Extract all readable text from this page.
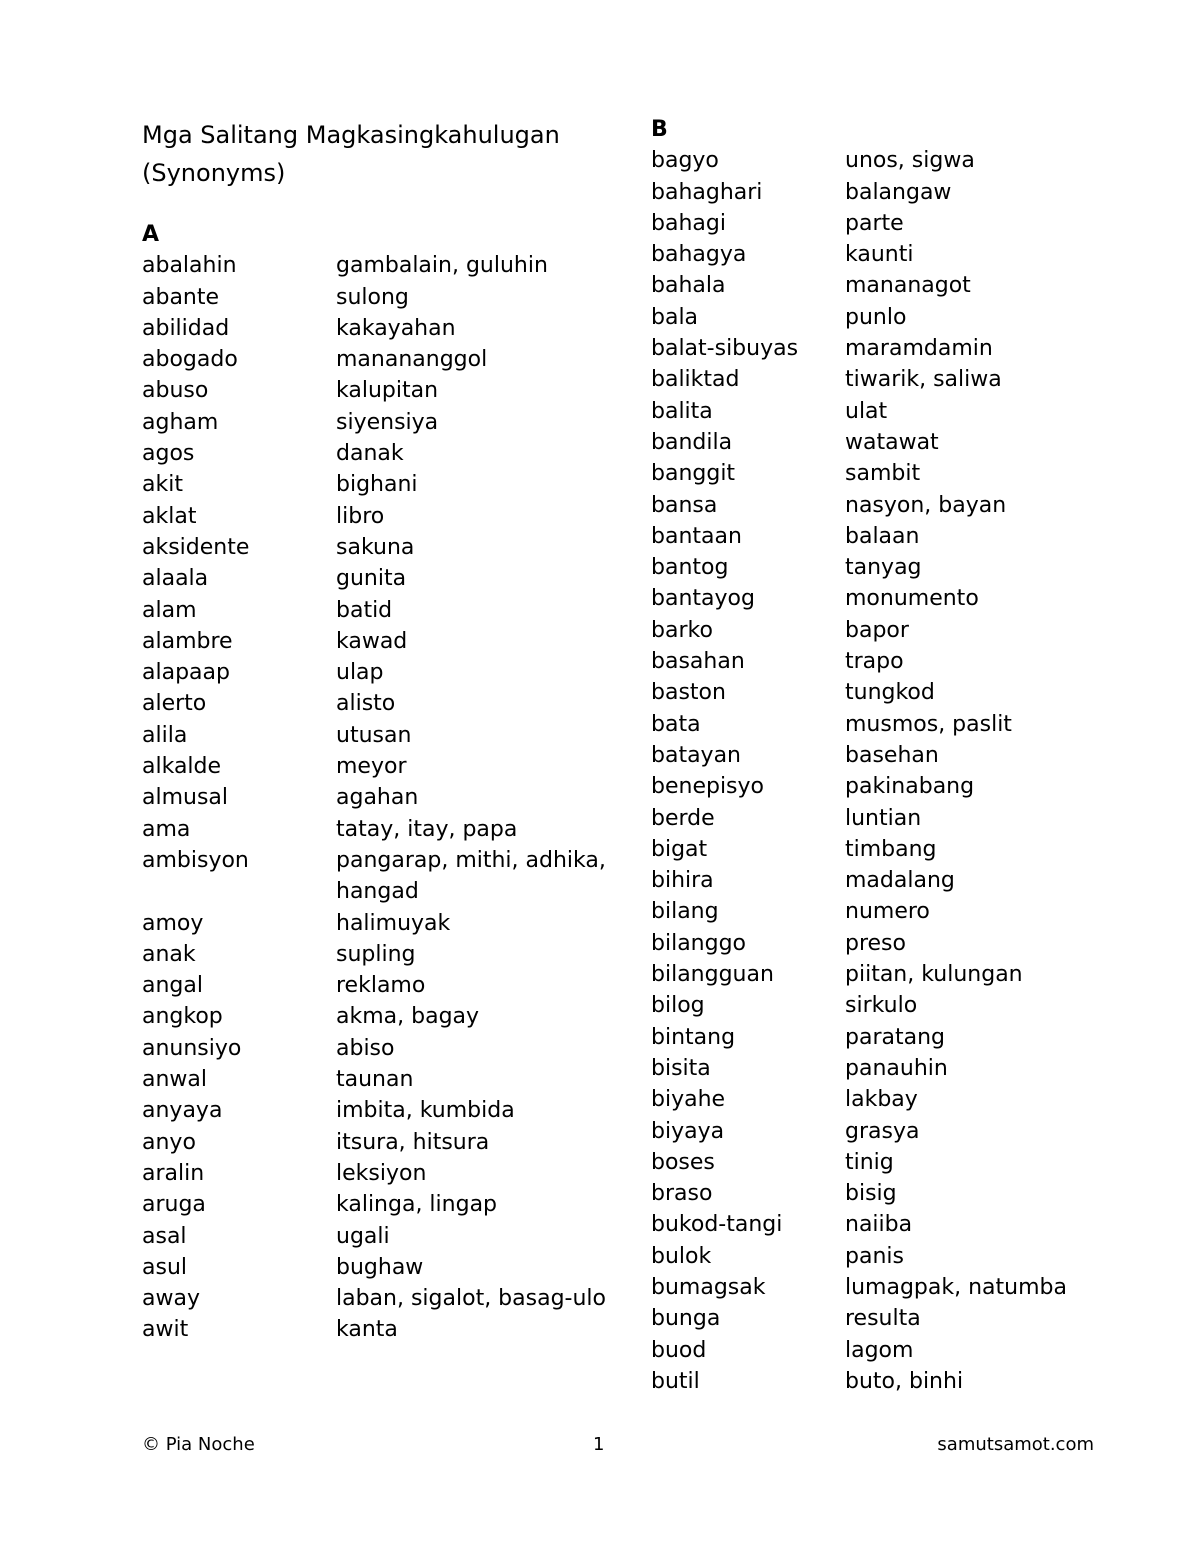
Mga Salitang Magkasingkahulugan (Synonyms)
A
abalahin	gambalain, guluhin
abante	sulong
abilidad	kakayahan
abogado	manananggol
abuso	kalupitan
agham	siyensiya
agos	danak
akit	bighani
aklat	libro
aksidente	sakuna
alaala	gunita
alam	batid
alambre	kawad
alapaap	ulap
alerto	alisto
alila	utusan
alkalde	meyor
almusal	agahan
ama	tatay, itay, papa
ambisyon	pangarap, mithi, adhika, hangad
amoy	halimuyak
anak	supling
angal	reklamo
angkop	akma, bagay
anunsiyo	abiso
anwal	taunan
anyaya	imbita, kumbida
anyo	itsura, hitsura
aralin	leksiyon
aruga	kalinga, lingap
asal	ugali
asul	bughaw
away	laban, sigalot, basag-ulo
awit	kanta
B
bagyo	unos, sigwa
bahaghari	balangaw
bahagi	parte
bahagya	kaunti
bahala	mananagot
bala	punlo
balat-sibuyas	maramdamin
baliktad	tiwarik, saliwa
balita	ulat
bandila	watawat
banggit	sambit
bansa	nasyon, bayan
bantaan	balaan
bantog	tanyag
bantayog	monumento
barko	bapor
basahan	trapo
baston	tungkod
bata	musmos, paslit
batayan	basehan
benepisyo	pakinabang
berde	luntian
bigat	timbang
bihira	madalang
bilang	numero
bilanggo	preso
bilangguan	piitan, kulungan
bilog	sirkulo
bintang	paratang
bisita	panauhin
biyahe	lakbay
biyaya	grasya
boses	tinig
braso	bisig
bukod-tangi	naiiba
bulok	panis
bumagsak	lumagpak, natumba
bunga	resulta
buod	lagom
butil	buto, binhi
© Pia Noche	1	samutsamot.com
